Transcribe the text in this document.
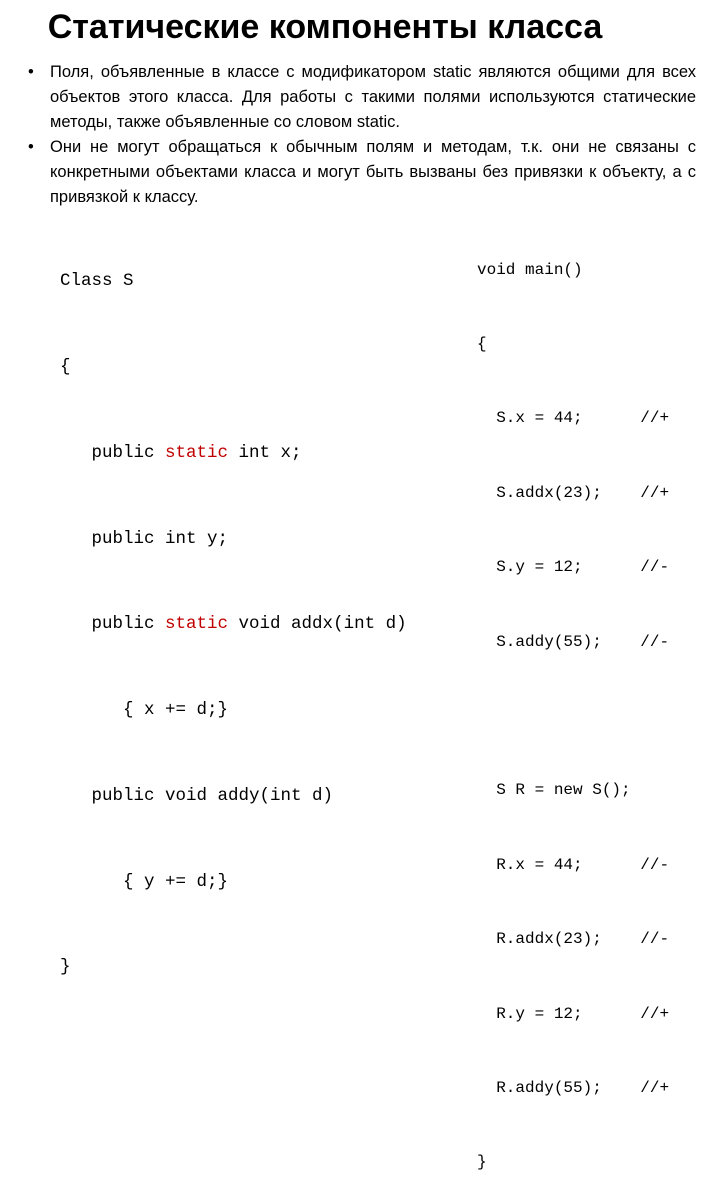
Статические компоненты класса
• Поля, объявленные в классе с модификатором static являются общими для всех объектов этого класса. Для работы с такими полями используются статические методы, также объявленные со словом static.
• Они не могут обращаться к обычным полям и методам, т.к. они не связаны с конкретными объектами класса и могут быть вызваны без привязки к объекту, а с привязкой к классу.

Class S

{

public static int x;

public int y;

public static void addx(int d)

{ x += d;}

public void addy(int d)

{ y += d;}

}

void main()

{

S.x = 44;      //+

S.addx(23);    //+

S.y = 12;      //-

S.addy(55);    //-

S R = new S();

R.x = 44;      //-

R.addx(23);    //-

R.y = 12;      //+

R.addy(55);    //+

}
